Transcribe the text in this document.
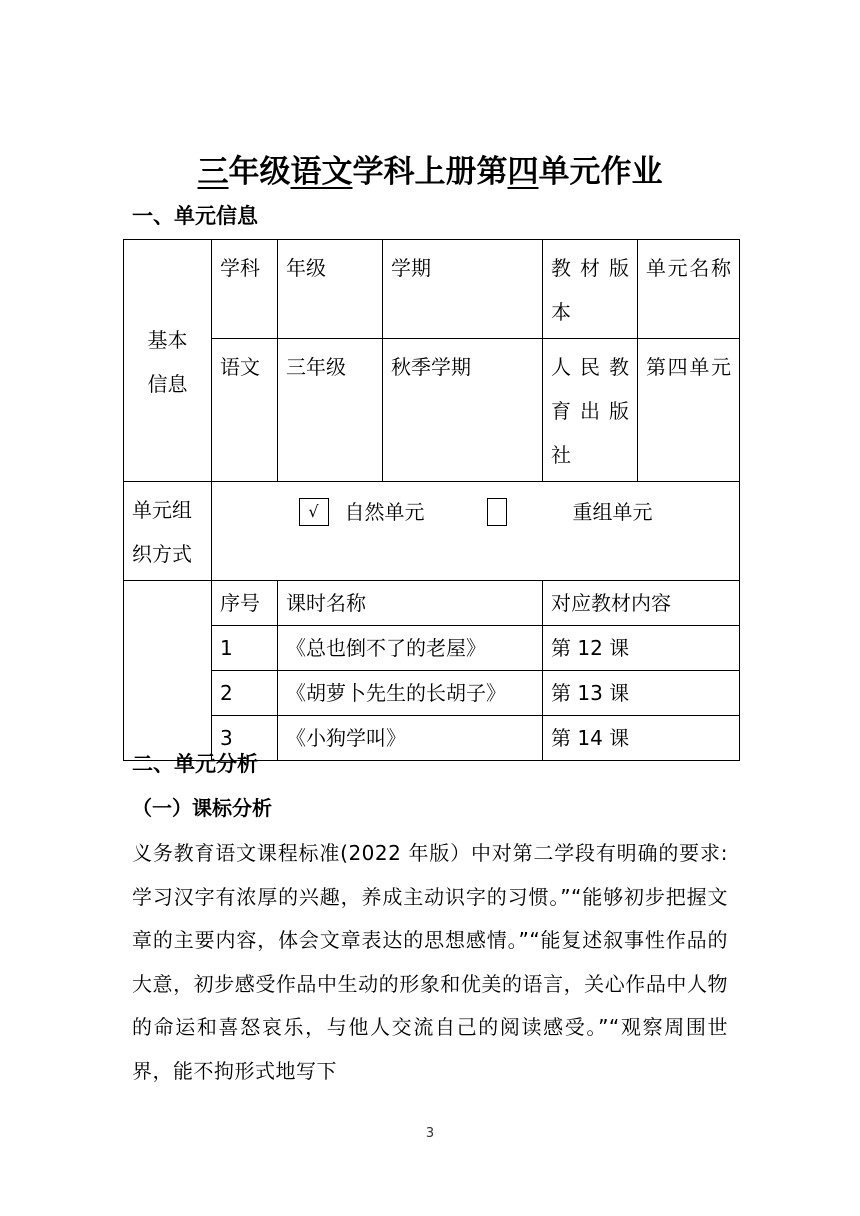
三年级语文学科上册第四单元作业
一、单元信息
基本信息	学科	年级	学期	教材版本	单元名称
	语文	三年级	秋季学期	人民教育出版社	第四单元
单元组织方式	√ 自然单元 重组单元				

	序号	课时名称		对应教材内容	
	1	《总也倒不了的老屋》		第 12 课	
	2	《胡萝卜先生的长胡子》		第 13 课	
	3	《小狗学叫》		第 14 课	
二、单元分析
（一）课标分析

义务教育语文课程标准(2022 年版）中对第二学段有明确的要求:学习汉字有浓厚的兴趣，养成主动识字的习惯。”“能够初步把握文章的主要内容，体会文章表达的思想感情。”“能复述叙事性作品的大意，初步感受作品中生动的形象和优美的语言，关心作品中人物的命运和喜怒哀乐，与他人交流自己的阅读感受。”“观察周围世界，能不拘形式地写下

3
